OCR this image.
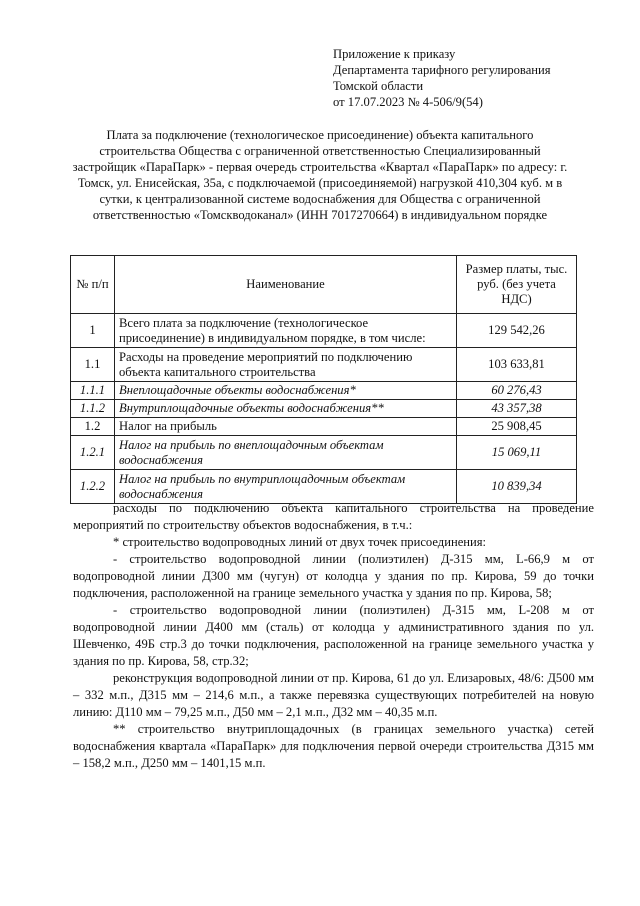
Приложение к приказу
Департамента тарифного регулирования
Томской области
от 17.07.2023 № 4-506/9(54)
Плата за подключение (технологическое присоединение) объекта капитального строительства Общества с ограниченной ответственностью Специализированный застройщик «ПараПарк» - первая очередь строительства «Квартал «ПараПарк» по адресу: г. Томск, ул. Енисейская, 35а, с подключаемой (присоединяемой) нагрузкой 410,304 куб. м в сутки, к централизованной системе водоснабжения для Общества с ограниченной ответственностью «Томскводоканал» (ИНН 7017270664) в индивидуальном порядке
№ п/п	Наименование	Размер платы, тыс. руб. (без учета НДС)
1	Всего плата за подключение (технологическое присоединение) в индивидуальном порядке, в том числе:	129 542,26
1.1	Расходы на проведение мероприятий по подключению объекта капитального строительства	103 633,81
1.1.1	Внеплощадочные объекты водоснабжения*	60 276,43
1.1.2	Внутриплощадочные объекты водоснабжения**	43 357,38
1.2	Налог на прибыль	25 908,45
1.2.1	Налог на прибыль по внеплощадочным объектам водоснабжения	15 069,11
1.2.2	Налог на прибыль по внутриплощадочным объектам водоснабжения	10 839,34

расходы по подключению объекта капитального строительства на проведение мероприятий по строительству объектов водоснабжения, в т.ч.:

* строительство водопроводных линий от двух точек присоединения:

- строительство водопроводной линии (полиэтилен) Д-315 мм, L-66,9 м от водопроводной линии Д300 мм (чугун) от колодца у здания по пр. Кирова, 59 до точки подключения, расположенной на границе земельного участка у здания по пр. Кирова, 58;

- строительство водопроводной линии (полиэтилен) Д-315 мм, L-208 м от водопроводной линии Д400 мм (сталь) от колодца у административного здания по ул. Шевченко, 49Б стр.3 до точки подключения, расположенной на границе земельного участка у здания по пр. Кирова, 58, стр.32;

реконструкция водопроводной линии от пр. Кирова, 61 до ул. Елизаровых, 48/6: Д500 мм – 332 м.п., Д315 мм – 214,6 м.п., а также перевязка существующих потребителей на новую линию: Д110 мм – 79,25 м.п., Д50 мм – 2,1 м.п., Д32 мм – 40,35 м.п.

** строительство внутриплощадочных (в границах земельного участка) сетей водоснабжения квартала «ПараПарк» для подключения первой очереди строительства Д315 мм – 158,2 м.п., Д250 мм – 1401,15 м.п.
